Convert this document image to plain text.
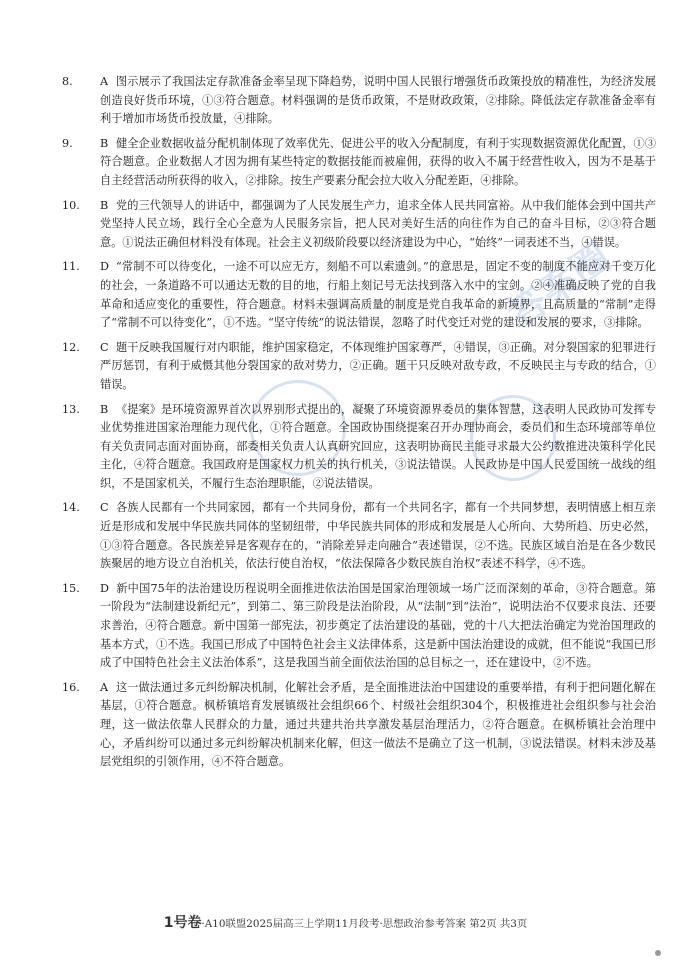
答案圈
8.	A 图示展示了我国法定存款准备金率呈现下降趋势，说明中国人民银行增强货币政策投放的精准性，为经济发展创造良好货币环境，①③符合题意。材料强调的是货币政策，不是财政政策，②排除。降低法定存款准备金率有利于增加市场货币投放量，④排除。
9.	B 健全企业数据收益分配机制体现了效率优先、促进公平的收入分配制度，有利于实现数据资源优化配置，①③符合题意。企业数据人才因为拥有某些特定的数据技能而被雇佣，获得的收入不属于经营性收入，因为不是基于自主经营活动所获得的收入，②排除。按生产要素分配会拉大收入分配差距，④排除。
10.	B 党的三代领导人的讲话中，都强调为了人民发展生产力，追求全体人民共同富裕。从中我们能体会到中国共产党坚持人民立场，践行全心全意为人民服务宗旨，把人民对美好生活的向往作为自己的奋斗目标，②③符合题意。①说法正确但材料没有体现。社会主义初级阶段要以经济建设为中心，“始终”一词表述不当，④错误。
11.	D “常制不可以待变化，一途不可以应无方，刻船不可以索遗剑。”的意思是，固定不变的制度不能应对千变万化的社会，一条道路不可以通达无数的目的地，行船上刻记号无法找到落入水中的宝剑。②④准确反映了党的自我革命和适应变化的重要性，符合题意。材料未强调高质量的制度是党自我革命的新境界，且高质量的“常制”走得了“常制不可以待变化”，①不选。“坚守传统”的说法错误，忽略了时代变迁对党的建设和发展的要求，③排除。
12.	C 题干反映我国履行对内职能，维护国家稳定，不体现维护国家尊严，④错误，③正确。对分裂国家的犯罪进行严厉惩罚，有利于威慑其他分裂国家的敌对势力，②正确。题干只反映对敌专政，不反映民主与专政的结合，①错误。
13.	B 《提案》是环境资源界首次以界别形式提出的，凝聚了环境资源界委员的集体智慧，这表明人民政协可发挥专业优势推进国家治理能力现代化，①符合题意。全国政协围绕提案召开办理协商会，委员们和生态环境部等单位有关负责同志面对面协商，部委相关负责人认真研究回应，这表明协商民主能寻求最大公约数推进决策科学化民主化，④符合题意。我国政府是国家权力机关的执行机关，③说法错误。人民政协是中国人民爱国统一战线的组织，不是国家机关，不履行生态治理职能，②说法错误。
14.	C 各族人民都有一个共同家园，都有一个共同身份，都有一个共同名字，都有一个共同梦想，表明情感上相互亲近是形成和发展中华民族共同体的坚韧纽带，中华民族共同体的形成和发展是人心所向、大势所趋、历史必然，①③符合题意。各民族差异是客观存在的，“消除差异走向融合”表述错误，②不选。民族区域自治是在各少数民族聚居的地方设立自治机关，依法行使自治权，“依法保障各少数民族自治权”表述不科学，④不选。
15.	D 新中国75年的法治建设历程说明全面推进依法治国是国家治理领域一场广泛而深刻的革命，③符合题意。第一阶段为“法制建设新纪元”，到第二、第三阶段是法治阶段，从“法制”到“法治”，说明法治不仅要求良法、还要求善治，④符合题意。新中国第一部宪法，初步奠定了法治建设的基础，党的十八大把法治确定为党治国理政的基本方式，①不选。我国已形成了中国特色社会主义法律体系，这是新中国法治建设的成就，但不能说“我国已形成了中国特色社会主义法治体系”，这是我国当前全面依法治国的总目标之一，还在建设中，②不选。
16.	A 这一做法通过多元纠纷解决机制，化解社会矛盾，是全面推进法治中国建设的重要举措，有利于把问题化解在基层，①符合题意。枫桥镇培育发展镇级社会组织66个、村级社会组织304个，积极推进社会组织参与社会治理，这一做法依靠人民群众的力量，通过共建共治共享激发基层治理活力，②符合题意。在枫桥镇社会治理中心，矛盾纠纷可以通过多元纠纷解决机制来化解，但这一做法不是确立了这一机制，③说法错误。材料未涉及基层党组织的引领作用，④不符合题意。
1号卷·A10联盟2025届高三上学期11月段考·思想政治参考答案 第2页 共3页
